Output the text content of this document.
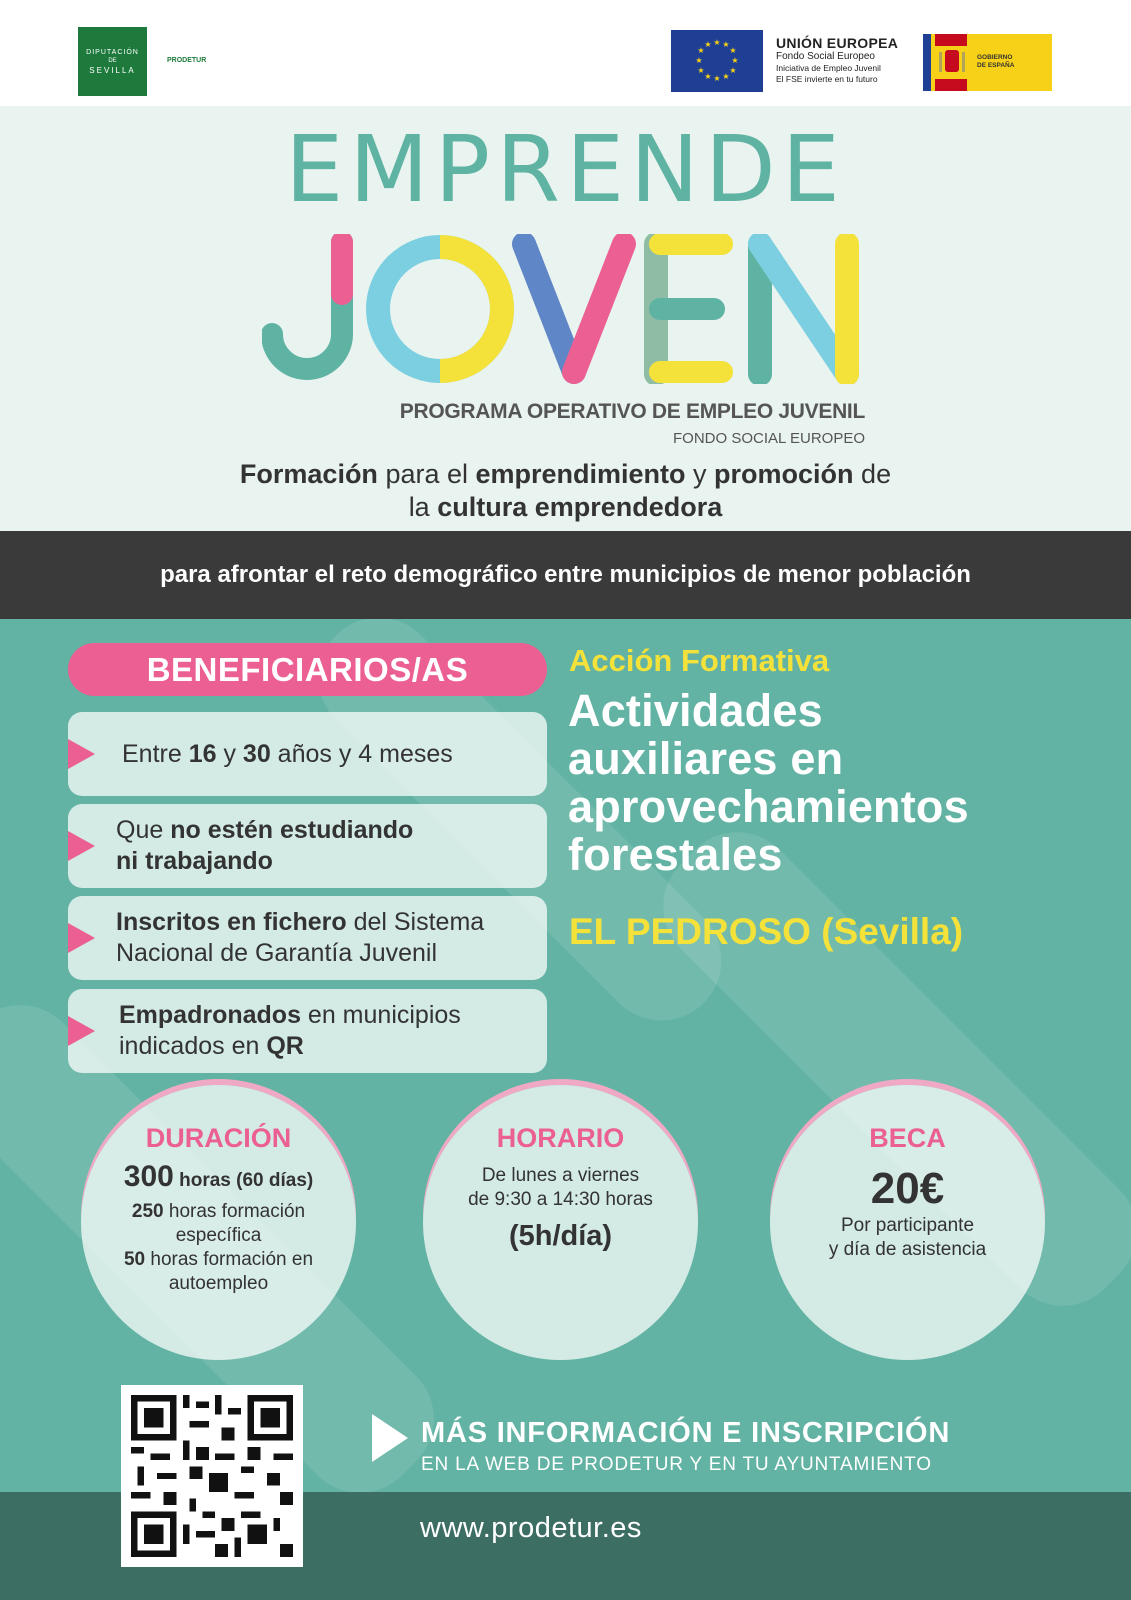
DIPUTACIÓN
DE
SEVILLA
PRODETUR
★ ★
★
★
★
★
★
★
★
★
★
★	UNIÓN EUROPEA
Fondo Social Europeo
Iniciativa de Empleo Juvenil
El FSE invierte en tu futuro
GOBIERNO
DE ESPAÑA
EMPRENDE
PROGRAMA OPERATIVO DE EMPLEO JUVENIL
FONDO SOCIAL EUROPEO
Formación para el emprendimiento y promoción de
la cultura emprendedora
para afrontar el reto demográfico entre municipios de menor población
BENEFICIARIOS/AS
Entre 16 y 30 años y 4 meses
Que no estén estudiando
ni trabajando
Inscritos en fichero del Sistema
Nacional de Garantía Juvenil
Empadronados en municipios
indicados en QR
Acción Formativa
Actividades
auxiliares en
aprovechamientos
forestales
EL PEDROSO (Sevilla)
DURACIÓN
300 horas (60 días)
250 horas formación
específica
50 horas formación en
autoempleo
HORARIO
De lunes a viernes
de 9:30 a 14:30 horas
(5h/día)
BECA
20€
Por participante
y día de asistencia
www.prodetur.es
MÁS INFORMACIÓN E INSCRIPCIÓN
EN LA WEB DE PRODETUR Y EN TU AYUNTAMIENTO
